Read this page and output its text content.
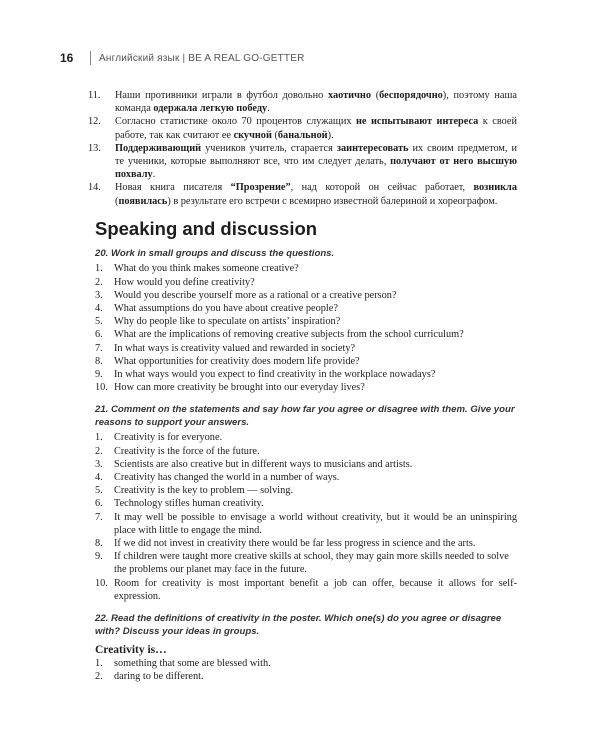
16	Английский язык | BE A REAL GO-GETTER
11. Наши противники играли в футбол довольно хаотично (беспорядочно), поэтому наша команда одержала легкую победу.
12. Согласно статистике около 70 процентов служащих не испытывают интереса к своей работе, так как считают ее скучной (банальной).
13. Поддерживающий учеников учитель, старается заинтересовать их своим предметом, и те ученики, которые выполняют все, что им следует делать, получают от него высшую похвалу.
14. Новая книга писателя “Прозрение”, над которой он сейчас работает, возникла (появилась) в результате его встречи с всемирно известной балериной и хореографом.
Speaking and discussion
20. Work in small groups and discuss the questions.
1. What do you think makes someone creative?
2. How would you define creativity?
3. Would you describe yourself more as a rational or a creative person?
4. What assumptions do you have about creative people?
5. Why do people like to speculate on artists’ inspiration?
6. What are the implications of removing creative subjects from the school curriculum?
7. In what ways is creativity valued and rewarded in society?
8. What opportunities for creativity does modern life provide?
9. In what ways would you expect to find creativity in the workplace nowadays?
10. How can more creativity be brought into our everyday lives?
21. Comment on the statements and say how far you agree or disagree with them. Give your reasons to support your answers.
1. Creativity is for everyone.
2. Creativity is the force of the future.
3. Scientists are also creative but in different ways to musicians and artists.
4. Creativity has changed the world in a number of ways.
5. Creativity is the key to problem — solving.
6. Technology stifles human creativity.
7. It may well be possible to envisage a world without creativity, but it would be an uninspiring place with little to engage the mind.
8. If we did not invest in creativity there would be far less progress in science and the arts.
9. If children were taught more creative skills at school, they may gain more skills needed to solve the problems our planet may face in the future.
10. Room for creativity is most important benefit a job can offer, because it allows for self-expression.
22. Read the definitions of creativity in the poster. Which one(s) do you agree or disagree with? Discuss your ideas in groups.
Creativity is…
1. something that some are blessed with.
2. daring to be different.
